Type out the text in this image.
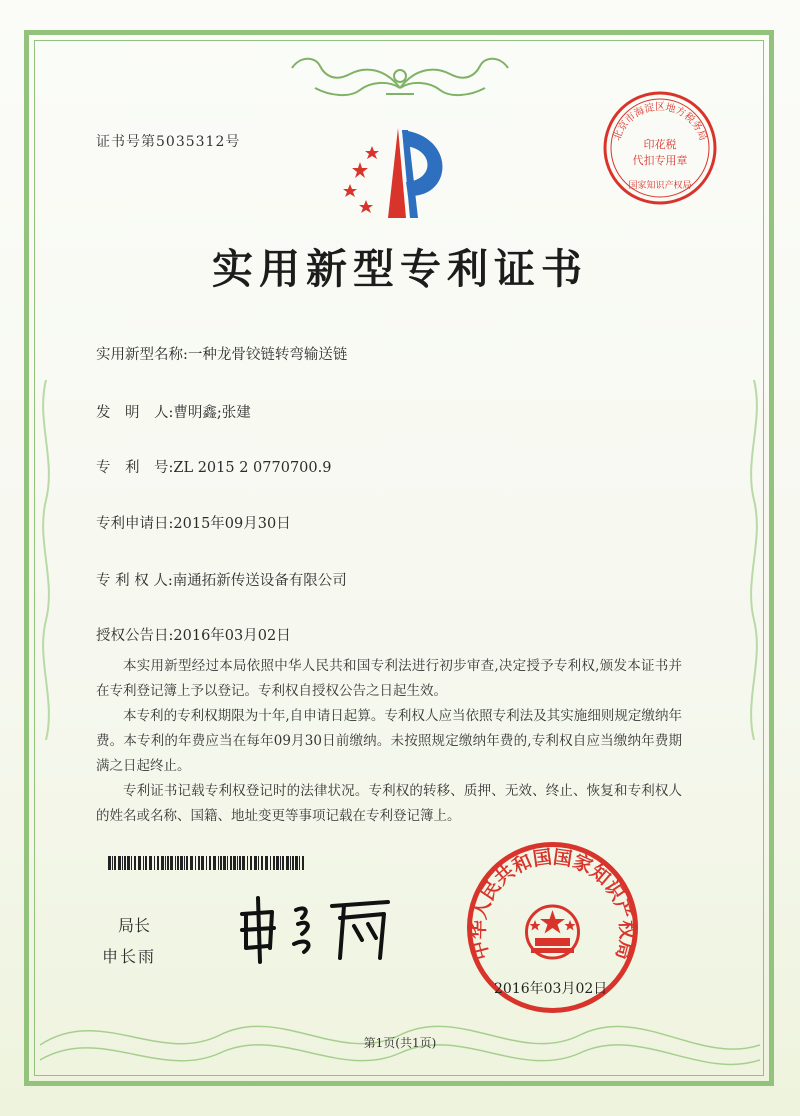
证书号第5035312号	北京市海淀区地方税务局
印花税
代扣专用章
国家知识产权局
实用新型专利证书
实用新型名称:一种龙骨铰链转弯输送链
发　明　人:曹明鑫;张建
专　利　号:ZL 2015 2 0770700.9
专利申请日:2015年09月30日
专 利 权 人:南通拓新传送设备有限公司
授权公告日:2016年03月02日

本实用新型经过本局依照中华人民共和国专利法进行初步审查,决定授予专利权,颁发本证书并在专利登记簿上予以登记。专利权自授权公告之日起生效。

本专利的专利权期限为十年,自申请日起算。专利权人应当依照专利法及其实施细则规定缴纳年费。本专利的年费应当在每年09月30日前缴纳。未按照规定缴纳年费的,专利权自应当缴纳年费期满之日起终止。

专利证书记载专利权登记时的法律状况。专利权的转移、质押、无效、终止、恢复和专利权人的姓名或名称、国籍、地址变更等事项记载在专利登记簿上。

局长
申长雨	中华人民共和国国家知识产权局
2016年03月02日
第1页(共1页)
